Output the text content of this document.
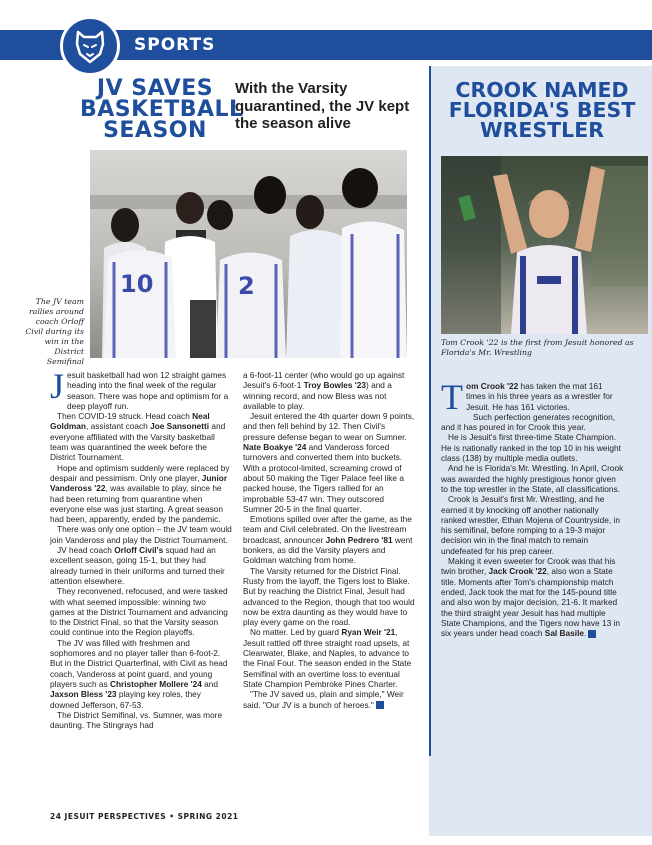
SPORTS
JV SAVES BASKETBALL SEASON
With the Varsity quarantined, the JV kept the season alive
CROOK NAMED FLORIDA'S BEST WRESTLER
10	2
The JV team rallies around coach Orloff Civil during its win in the District Semifinal
Tom Crook '22 is the first from Jesuit honored as Florida's Mr. Wrestling

Jesuit basketball had won 12 straight games heading into the final week of the regular season. There was hope and optimism for a deep playoff run.

Then COVID-19 struck. Head coach Neal Goldman, assistant coach Joe Sansonetti and everyone affiliated with the Varsity basketball team was quarantined the week before the District Tournament.

Hope and optimism suddenly were replaced by despair and pessimism. Only one player, Junior Vandeross '22, was available to play, since he had been returning from quarantine when everyone else was just starting. A great season had been, apparently, ended by the pandemic.

There was only one option – the JV team would join Vandeross and play the District Tournament.

JV head coach Orloff Civil's squad had an excellent season, going 15-1, but they had already turned in their uniforms and turned their attention elsewhere.

They reconvened, refocused, and were tasked with what seemed impossible: winning two games at the District Tournament and advancing to the District Final, so that the Varsity season could continue into the Region playoffs.

The JV was filled with freshmen and sophomores and no player taller than 6-foot-2. But in the District Quarterfinal, with Civil as head coach, Vandeross at point guard, and young players such as Christopher Mollere '24 and Jaxson Bless '23 playing key roles, they downed Jefferson, 67-53.

The District Semifinal, vs. Sumner, was more daunting. The Stingrays had

a 6-foot-11 center (who would go up against Jesuit's 6-foot-1 Troy Bowles '23) and a winning record, and now Bless was not available to play.

Jesuit entered the 4th quarter down 9 points, and then fell behind by 12. Then Civil's pressure defense began to wear on Sumner. Nate Boakye '24 and Vandeross forced turnovers and converted them into buckets. With a protocol-limited, screaming crowd of about 50 making the Tiger Palace feel like a packed house, the Tigers rallied for an improbable 53-47 win. They outscored Sumner 20-5 in the final quarter.

Emotions spilled over after the game, as the team and Civil celebrated. On the livestream broadcast, announcer John Pedrero '81 went bonkers, as did the Varsity players and Goldman watching from home.

The Varsity returned for the District Final. Rusty from the layoff, the Tigers lost to Blake. But by reaching the District Final, Jesuit had advanced to the Region, though that too would now be extra daunting as they would have to play every game on the road.

No matter. Led by guard Ryan Weir '21, Jesuit rattled off three straight road upsets, at Clearwater, Blake, and Naples, to advance to the Final Four. The season ended in the State Semifinal with an overtime loss to eventual State Champion Pembroke Pines Charter.

"The JV saved us, plain and simple," Weir said. "Our JV is a bunch of heroes."

Tom Crook '22 has taken the mat 161 times in his three years as a wrestler for Jesuit. He has 161 victories.

Such perfection generates recognition, and it has poured in for Crook this year.

He is Jesuit's first three-time State Champion. He is nationally ranked in the top 10 in his weight class (138) by multiple media outlets.

And he is Florida's Mr. Wrestling. In April, Crook was awarded the highly prestigious honor given to the top wrestler in the State, all classifications.

Crook is Jesuit's first Mr. Wrestling, and he earned it by knocking off another nationally ranked wrestler, Ethan Mojena of Countryside, in his semifinal, before romping to a 19-3 major decision win in the final match to remain undefeated for his prep career.

Making it even sweeter for Crook was that his twin brother, Jack Crook '22, also won a State title. Moments after Tom's championship match ended, Jack took the mat for the 145-pound title and also won by major decision, 21-6. It marked the third straight year Jesuit has had multiple State Champions, and the Tigers now have 13 in six years under head coach Sal Basile.

24 JESUIT PERSPECTIVES • SPRING 2021
